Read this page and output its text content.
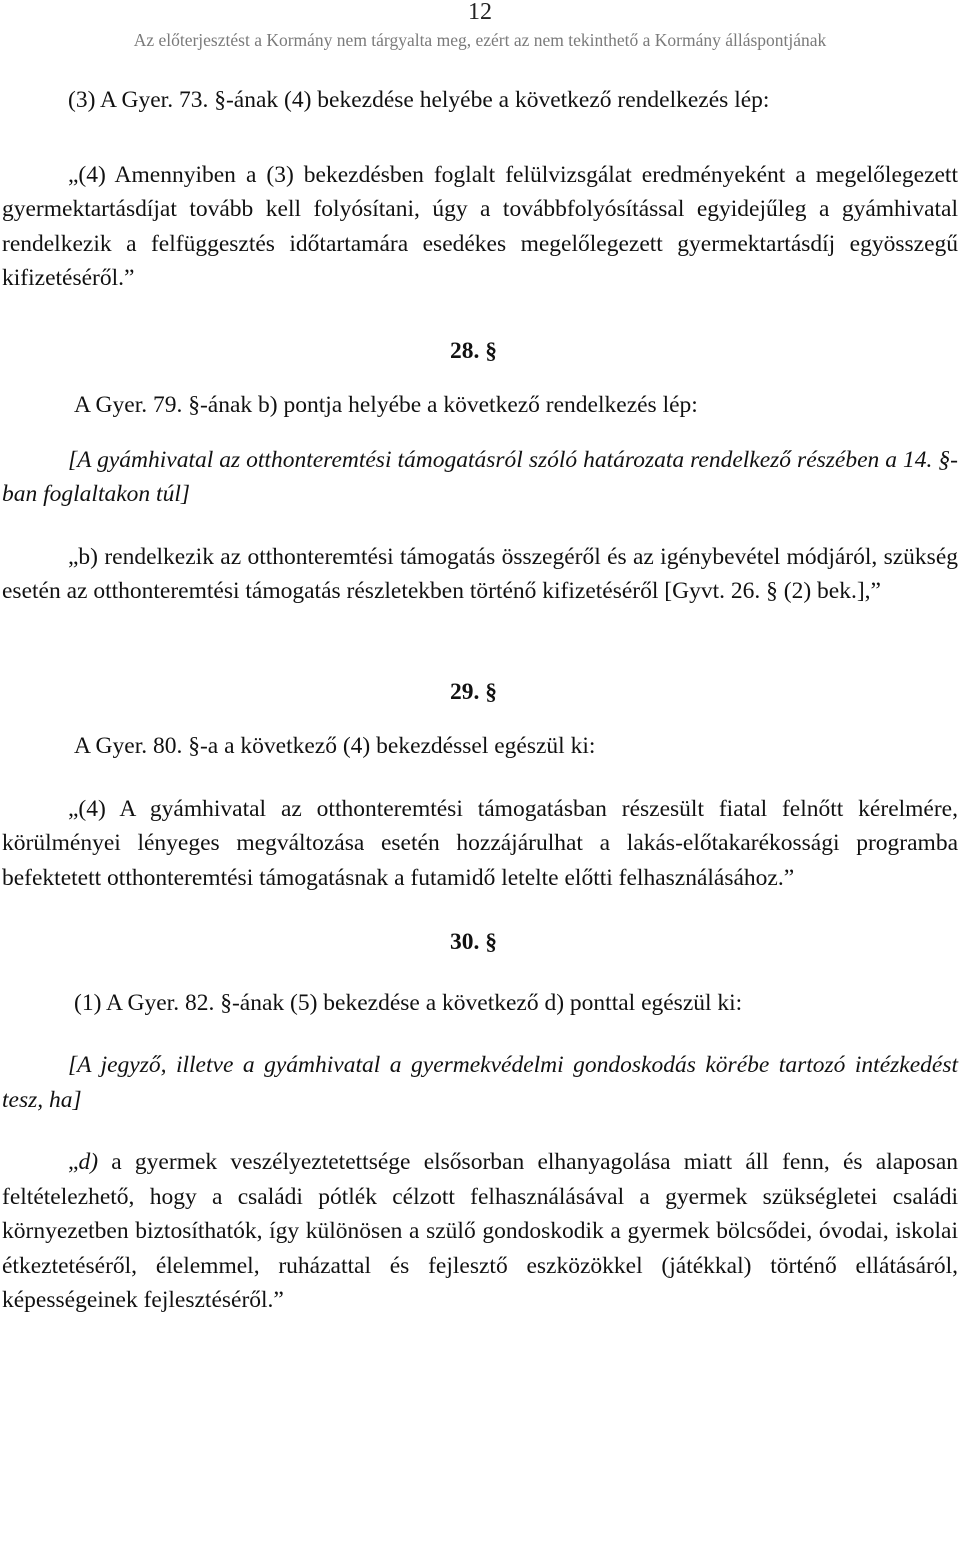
12
Az előterjesztést a Kormány nem tárgyalta meg, ezért az nem tekinthető a Kormány álláspontjának

(3) A Gyer. 73. §-ának (4) bekezdése helyébe a következő rendelkezés lép:

„(4) Amennyiben a (3) bekezdésben foglalt felülvizsgálat eredményeként a megelőlegezett gyermektartásdíjat tovább kell folyósítani, úgy a továbbfolyósítással egyidejűleg a gyámhivatal rendelkezik a felfüggesztés időtartamára esedékes megelőlegezett gyermektartásdíj egyösszegű kifizetéséről.”

28. §

A Gyer. 79. §-ának b) pontja helyébe a következő rendelkezés lép:

[A gyámhivatal az otthonteremtési támogatásról szóló határozata rendelkező részében a 14. §-ban foglaltakon túl]

„b) rendelkezik az otthonteremtési támogatás összegéről és az igénybevétel módjáról, szükség esetén az otthonteremtési támogatás részletekben történő kifizetéséről [Gyvt. 26. § (2) bek.],”

29. §

A Gyer. 80. §-a a következő (4) bekezdéssel egészül ki:

„(4) A gyámhivatal az otthonteremtési támogatásban részesült fiatal felnőtt kérelmére, körülményei lényeges megváltozása esetén hozzájárulhat a lakás-előtakarékossági programba befektetett otthonteremtési támogatásnak a futamidő letelte előtti felhasználásához.”

30. §

(1) A Gyer. 82. §-ának (5) bekezdése a következő d) ponttal egészül ki:

[A jegyző, illetve a gyámhivatal a gyermekvédelmi gondoskodás körébe tartozó intézkedést tesz, ha]

„d) a gyermek veszélyeztetettsége elsősorban elhanyagolása miatt áll fenn, és alaposan feltételezhető, hogy a családi pótlék célzott felhasználásával a gyermek szükségletei családi környezetben biztosíthatók, így különösen a szülő gondoskodik a gyermek bölcsődei, óvodai, iskolai étkeztetéséről, élelemmel, ruházattal és fejlesztő eszközökkel (játékkal) történő ellátásáról, képességeinek fejlesztéséről.”
